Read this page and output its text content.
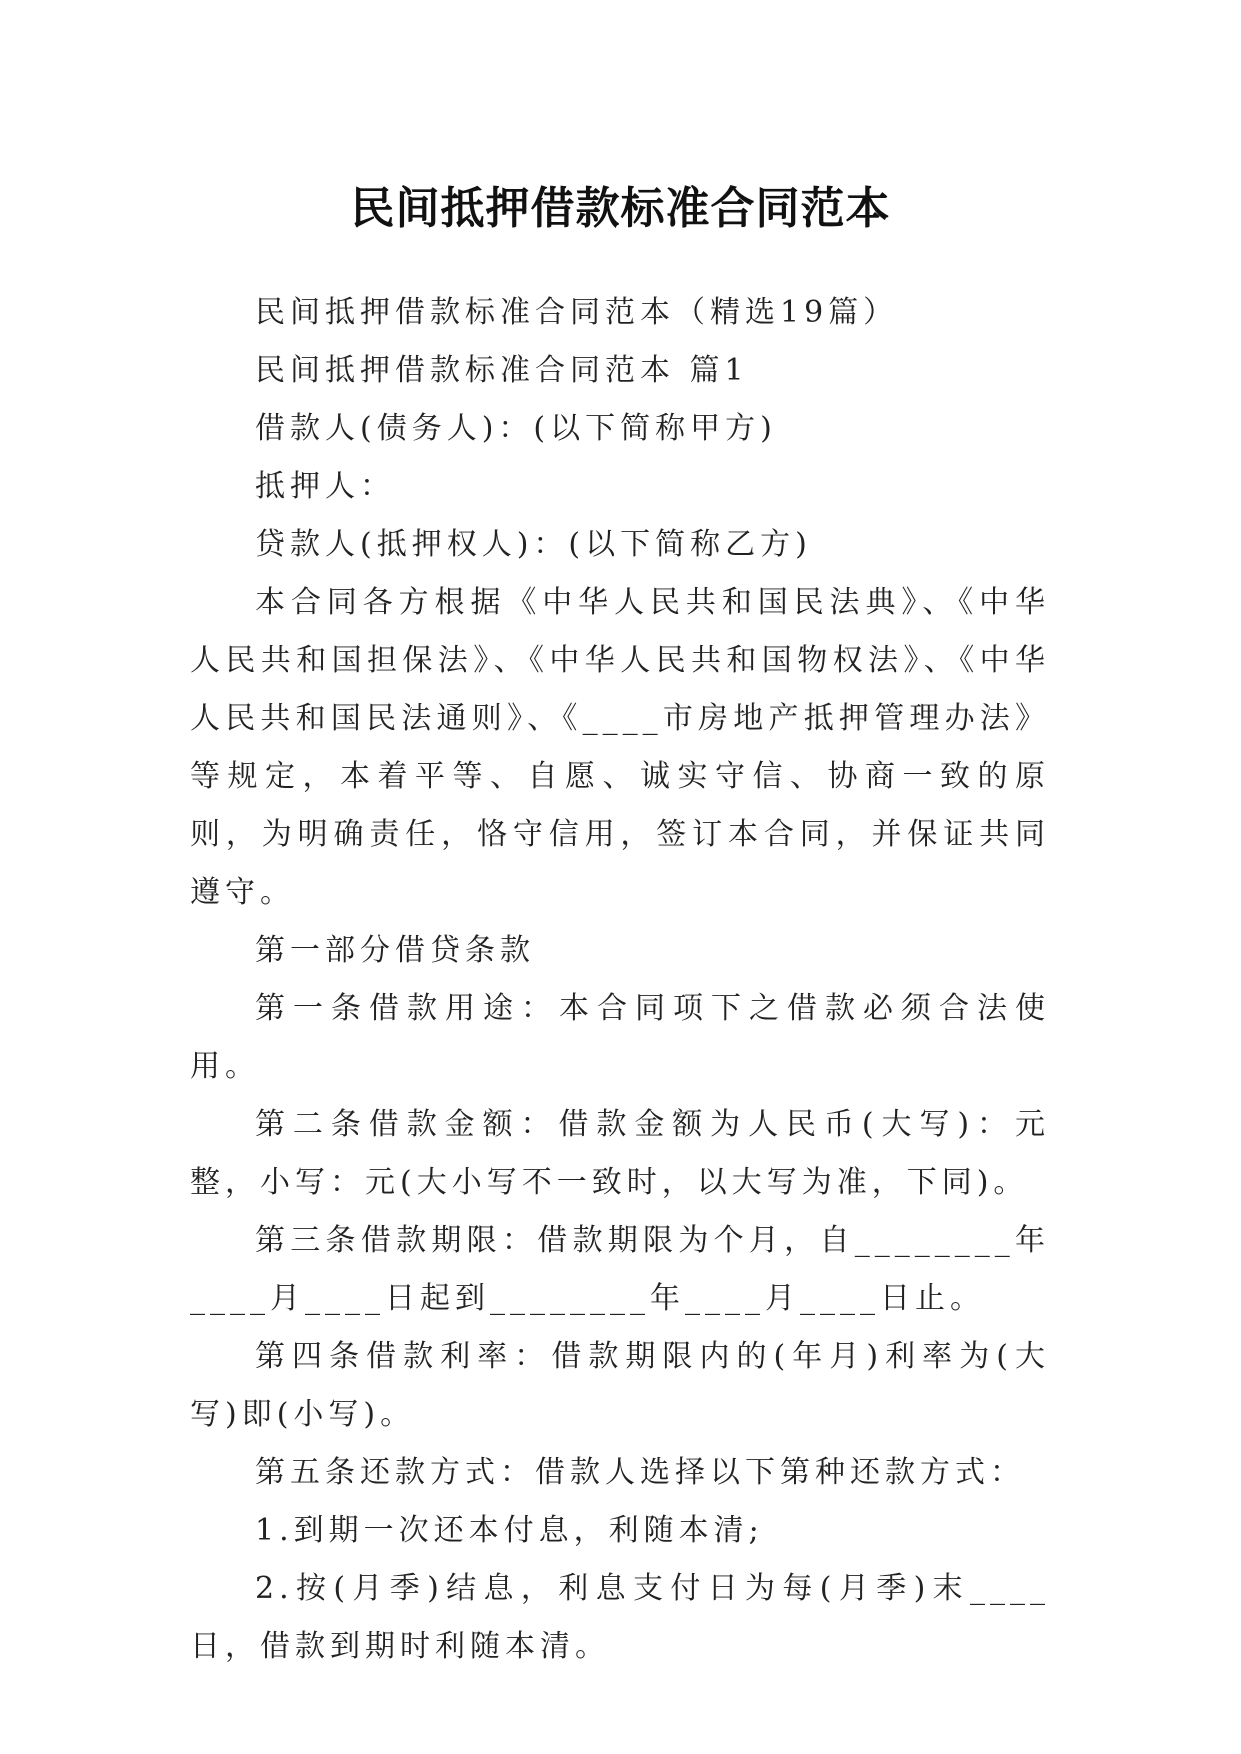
民间抵押借款标准合同范本

民间抵押借款标准合同范本（精选19篇）

民间抵押借款标准合同范本 篇1

借款人(债务人)：(以下简称甲方)

抵押人：

贷款人(抵押权人)：(以下简称乙方)

本合同各方根据《中华人民共和国民法典》、《中华人民共和国担保法》、《中华人民共和国物权法》、《中华人民共和国民法通则》、《____市房地产抵押管理办法》等规定，本着平等、自愿、诚实守信、协商一致的原则，为明确责任，恪守信用，签订本合同，并保证共同遵守。

第一部分借贷条款

第一条借款用途：本合同项下之借款必须合法使用。

第二条借款金额：借款金额为人民币(大写)：元整，小写：元(大小写不一致时，以大写为准，下同)。

第三条借款期限：借款期限为个月，自________年____月____日起到________年____月____日止。

第四条借款利率：借款期限内的(年月)利率为(大写)即(小写)。

第五条还款方式：借款人选择以下第种还款方式：

1.到期一次还本付息，利随本清;

2.按(月季)结息，利息支付日为每(月季)末____日，借款到期时利随本清。
